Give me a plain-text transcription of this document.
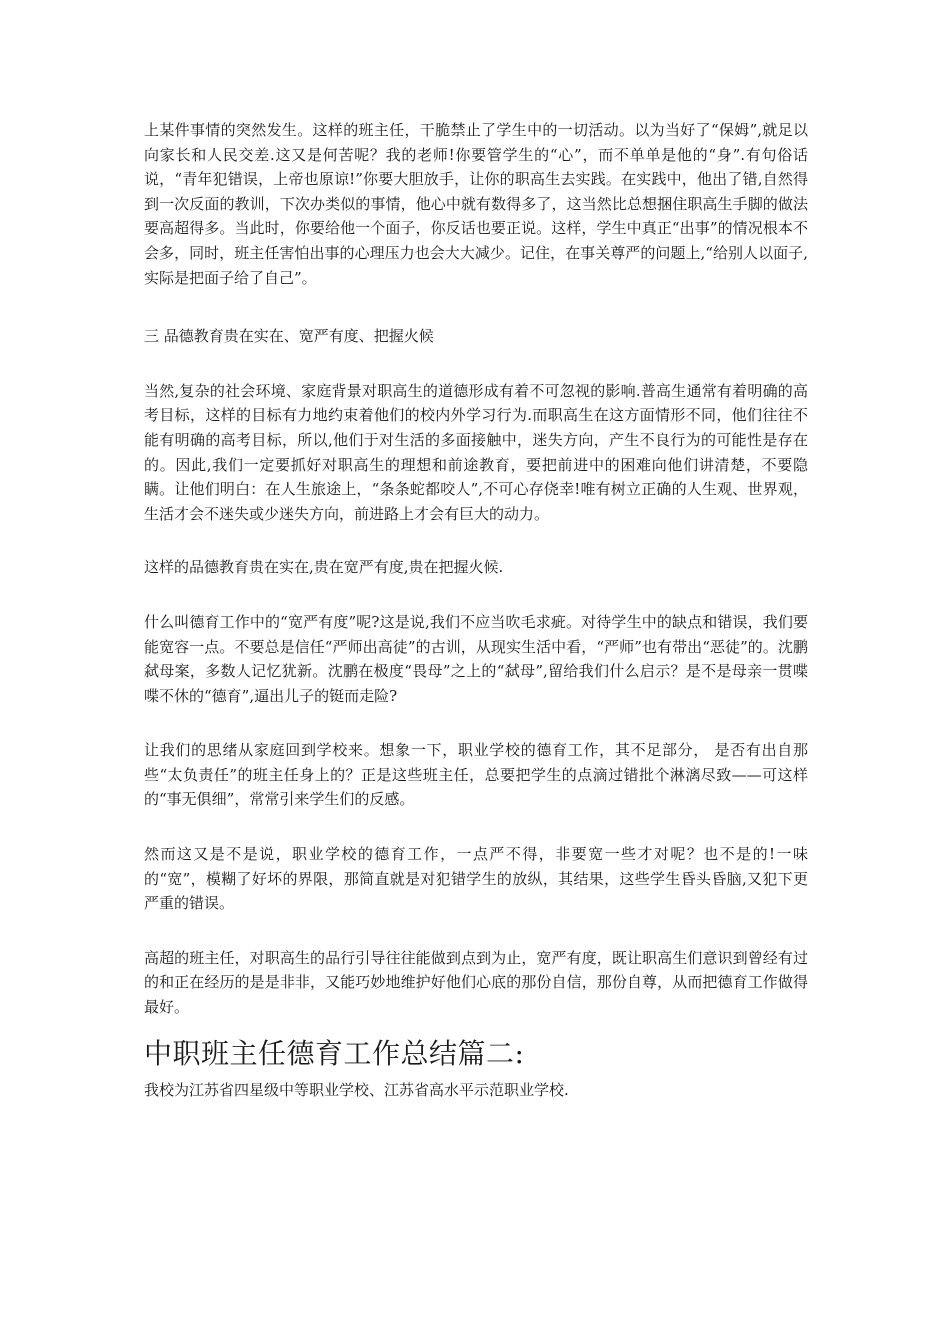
上某件事情的突然发生。这样的班主任，干脆禁止了学生中的一切活动。以为当好了“保姆”,就足以向家长和人民交差.这又是何苦呢？我的老师!你要管学生的“心”，而不单单是他的“身”.有句俗话说，“青年犯错误，上帝也原谅!”你要大胆放手，让你的职高生去实践。在实践中，他出了错,自然得到一次反面的教训，下次办类似的事情，他心中就有数得多了，这当然比总想捆住职高生手脚的做法要高超得多。当此时，你要给他一个面子，你反话也要正说。这样，学生中真正“出事”的情况根本不会多，同时，班主任害怕出事的心理压力也会大大减少。记住，在事关尊严的问题上,“给别人以面子,实际是把面子给了自己”。

三 品德教育贵在实在、宽严有度、把握火候

当然,复杂的社会环境、家庭背景对职高生的道德形成有着不可忽视的影响.普高生通常有着明确的高考目标，这样的目标有力地约束着他们的校内外学习行为.而职高生在这方面情形不同，他们往往不能有明确的高考目标，所以,他们于对生活的多面接触中，迷失方向，产生不良行为的可能性是存在的。因此,我们一定要抓好对职高生的理想和前途教育，要把前进中的困难向他们讲清楚，不要隐瞒。让他们明白：在人生旅途上，“条条蛇都咬人”,不可心存侥幸!唯有树立正确的人生观、世界观，生活才会不迷失或少迷失方向，前进路上才会有巨大的动力。

这样的品德教育贵在实在,贵在宽严有度,贵在把握火候.

什么叫德育工作中的“宽严有度”呢?这是说,我们不应当吹毛求疵。对待学生中的缺点和错误，我们要能宽容一点。不要总是信任“严师出高徒”的古训，从现实生活中看，“严师”也有带出“恶徒”的。沈鹏弑母案，多数人记忆犹新。沈鹏在极度“畏母”之上的“弑母”,留给我们什么启示？是不是母亲一贯喋喋不休的“德育”,逼出儿子的铤而走险?

让我们的思绪从家庭回到学校来。想象一下，职业学校的德育工作，其不足部分， 是否有出自那些“太负责任”的班主任身上的？正是这些班主任，总要把学生的点滴过错批个淋漓尽致——可这样的“事无俱细”，常常引来学生们的反感。

然而这又是不是说，职业学校的德育工作，一点严不得，非要宽一些才对呢？也不是的!一味的“宽”，模糊了好坏的界限，那简直就是对犯错学生的放纵，其结果，这些学生昏头昏脑,又犯下更严重的错误。

高超的班主任，对职高生的品行引导往往能做到点到为止，宽严有度，既让职高生们意识到曾经有过的和正在经历的是是非非，又能巧妙地维护好他们心底的那份自信，那份自尊，从而把德育工作做得最好。

中职班主任德育工作总结篇二:

我校为江苏省四星级中等职业学校、江苏省高水平示范职业学校.
